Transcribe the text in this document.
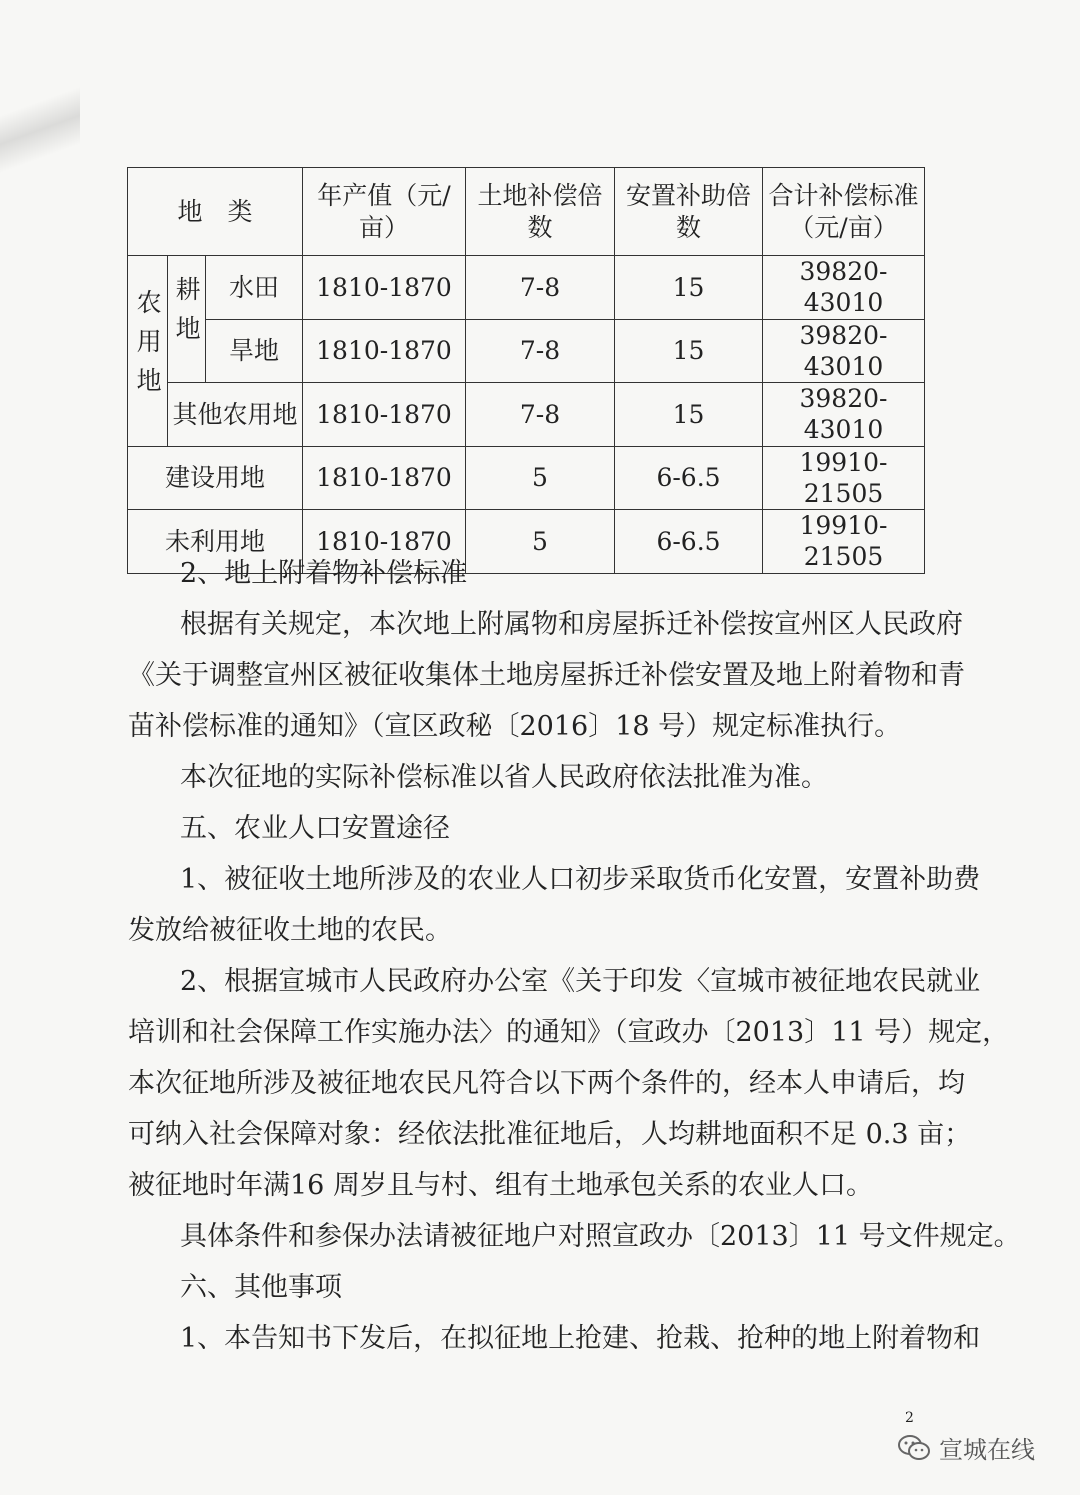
地　类			年产值（元/亩）	土地补偿倍数	安置补助倍数	合计补偿标准（元/亩）
农用地	耕地	水田	1810-1870	7-8	15	39820-43010
		旱地	1810-1870	7-8	15	39820-43010
	其他农用地		1810-1870	7-8	15	39820-43010
建设用地			1810-1870	5	6-6.5	19910-21505
未利用地			1810-1870	5	6-6.5	19910-21505

2、地上附着物补偿标准

根据有关规定，本次地上附属物和房屋拆迁补偿按宣州区人民政府

《关于调整宣州区被征收集体土地房屋拆迁补偿安置及地上附着物和青

苗补偿标准的通知》（宣区政秘〔2016〕18 号）规定标准执行。

本次征地的实际补偿标准以省人民政府依法批准为准。

五、农业人口安置途径

1、被征收土地所涉及的农业人口初步采取货币化安置，安置补助费

发放给被征收土地的农民。

2、根据宣城市人民政府办公室《关于印发〈宣城市被征地农民就业

培训和社会保障工作实施办法〉的通知》（宣政办〔2013〕11 号）规定，

本次征地所涉及被征地农民凡符合以下两个条件的，经本人申请后，均

可纳入社会保障对象：经依法批准征地后，人均耕地面积不足 0.3 亩；

被征地时年满16 周岁且与村、组有土地承包关系的农业人口。

具体条件和参保办法请被征地户对照宣政办〔2013〕11 号文件规定。

六、其他事项

1、本告知书下发后，在拟征地上抢建、抢栽、抢种的地上附着物和

2
宣城在线
